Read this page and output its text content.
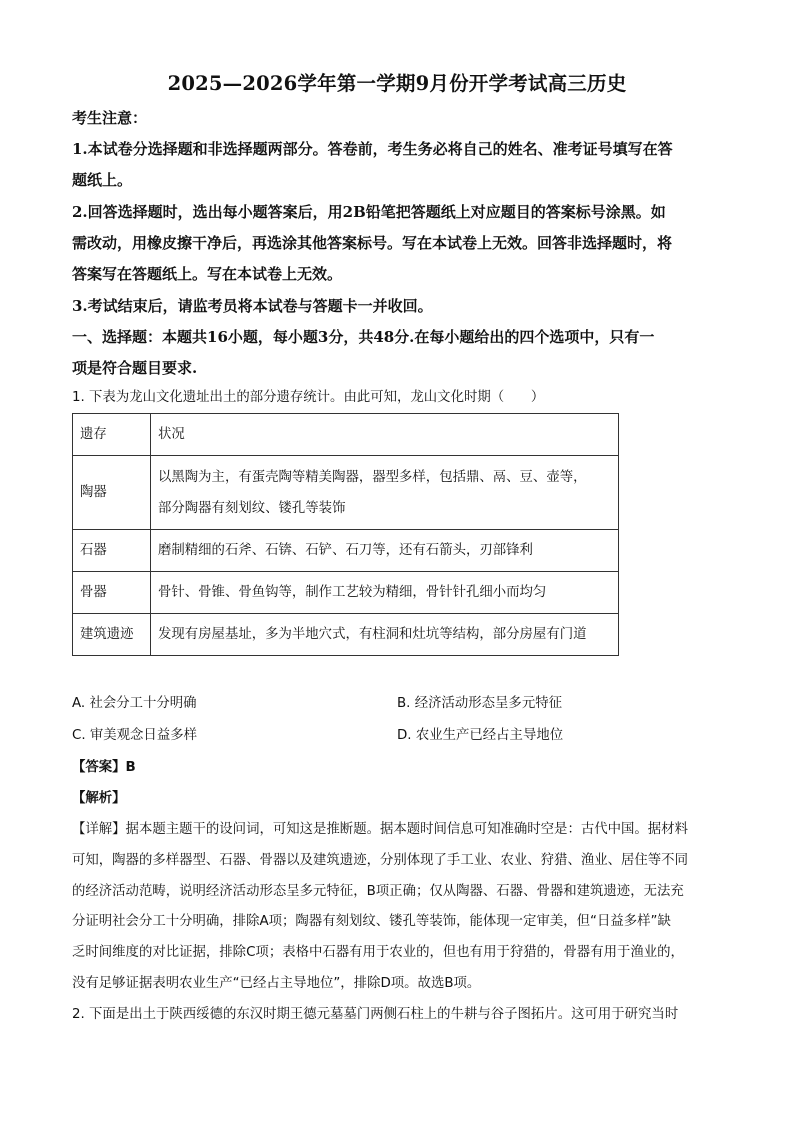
2025—2026学年第一学期9月份开学考试高三历史
考生注意：
1.本试卷分选择题和非选择题两部分。答卷前，考生务必将自己的姓名、准考证号填写在答
题纸上。
2.回答选择题时，选出每小题答案后，用2B铅笔把答题纸上对应题目的答案标号涂黑。如
需改动，用橡皮擦干净后，再选涂其他答案标号。写在本试卷上无效。回答非选择题时，将
答案写在答题纸上。写在本试卷上无效。
3.考试结束后，请监考员将本试卷与答题卡一并收回。
一、选择题：本题共16小题，每小题3分，共48分.在每小题给出的四个选项中，只有一
项是符合题目要求.
1. 下表为龙山文化遗址出土的部分遗存统计。由此可知，龙山文化时期（　　）
遗存	状况
陶器	以黑陶为主，有蛋壳陶等精美陶器，器型多样，包括鼎、鬲、豆、壶等，
部分陶器有刻划纹、镂孔等装饰

石器	磨制精细的石斧、石锛、石铲、石刀等，还有石箭头，刃部锋利
骨器	骨针、骨锥、骨鱼钩等，制作工艺较为精细，骨针针孔细小而均匀
建筑遗迹	发现有房屋基址，多为半地穴式，有柱洞和灶坑等结构，部分房屋有门道
A. 社会分工十分明确	B. 经济活动形态呈多元特征
C. 审美观念日益多样	D. 农业生产已经占主导地位
【答案】B
【解析】
【详解】据本题主题干的设问词，可知这是推断题。据本题时间信息可知准确时空是：古代中国。据材料
可知，陶器的多样器型、石器、骨器以及建筑遗迹，分别体现了手工业、农业、狩猎、渔业、居住等不同
的经济活动范畴，说明经济活动形态呈多元特征，B项正确；仅从陶器、石器、骨器和建筑遗迹，无法充
分证明社会分工十分明确，排除A项；陶器有刻划纹、镂孔等装饰，能体现一定审美，但“日益多样”缺
乏时间维度的对比证据，排除C项；表格中石器有用于农业的，但也有用于狩猎的，骨器有用于渔业的，
没有足够证据表明农业生产“已经占主导地位”，排除D项。故选B项。
2. 下面是出土于陕西绥德的东汉时期王德元墓墓门两侧石柱上的牛耕与谷子图拓片。这可用于研究当时
